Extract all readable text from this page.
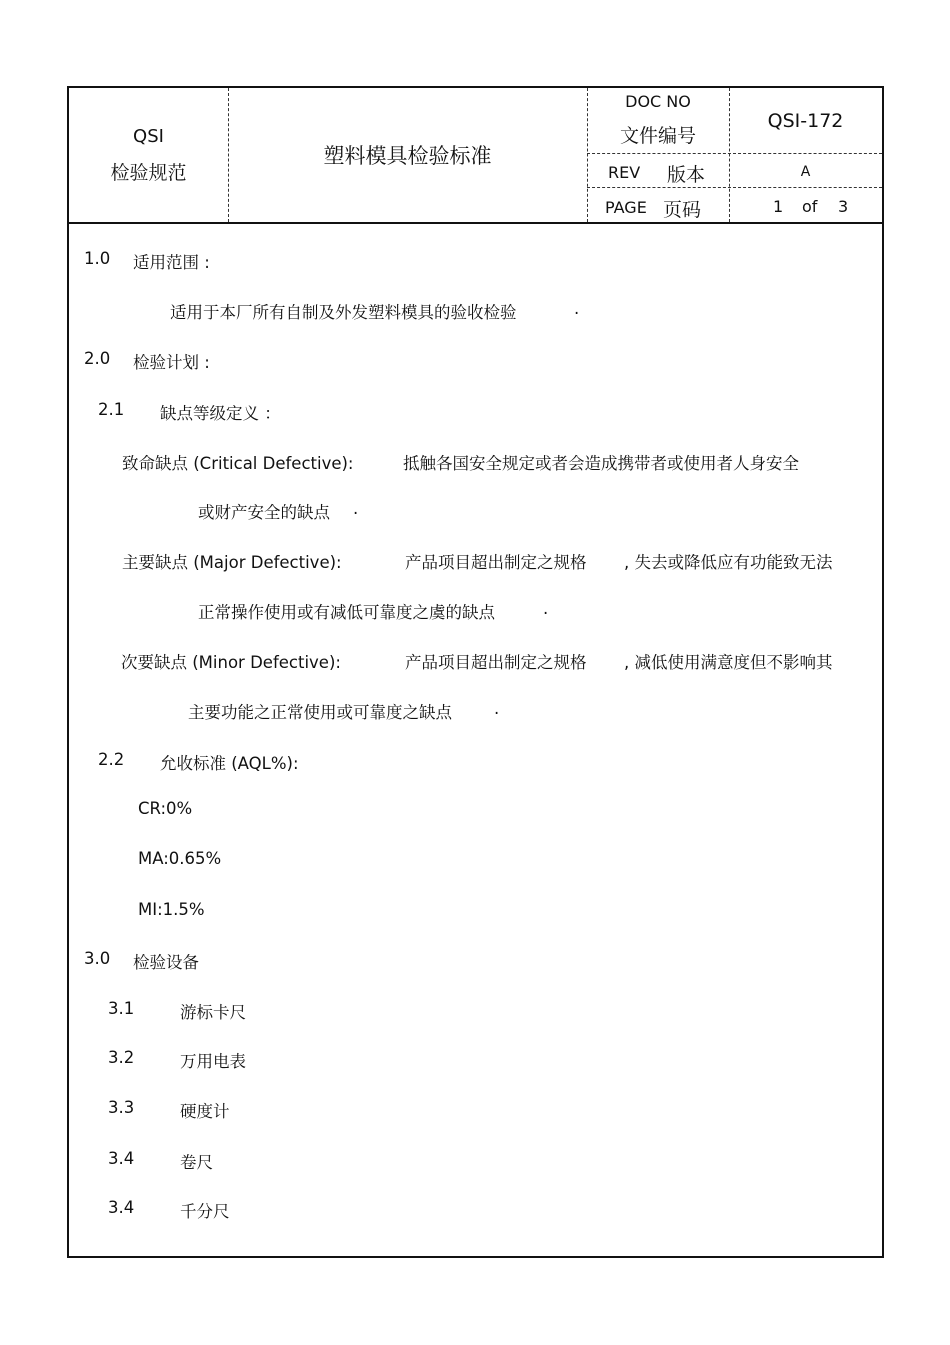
QSI
检验规范
塑料模具检验标准
DOC NO
文件编号
QSI-172
REV 版本	A
PAGE 页码	1 of 3
1.0 适用范围 :
适用于本厂所有自制及外发塑料模具的验收检验	.
2.0 检验计划 :
2.1 缺点等级定义 ：
致命缺点 (Critical Defective):	抵触各国安全规定或者会造成携带者或使用者人身安全
或财产安全的缺点 .
主要缺点 (Major Defective):	产品项目超出制定之规格 , 失去或降低应有功能致无法
正常操作使用或有减低可靠度之虞的缺点	.
次要缺点 (Minor Defective):	产品项目超出制定之规格 , 减低使用满意度但不影响其
主要功能之正常使用或可靠度之缺点	.
2.2 允收标准 (AQL%):
CR:0%
MA:0.65%
MI:1.5%
3.0 检验设备
3.1	游标卡尺
3.2	万用电表
3.3	硬度计
3.4	卷尺
3.4	千分尺
